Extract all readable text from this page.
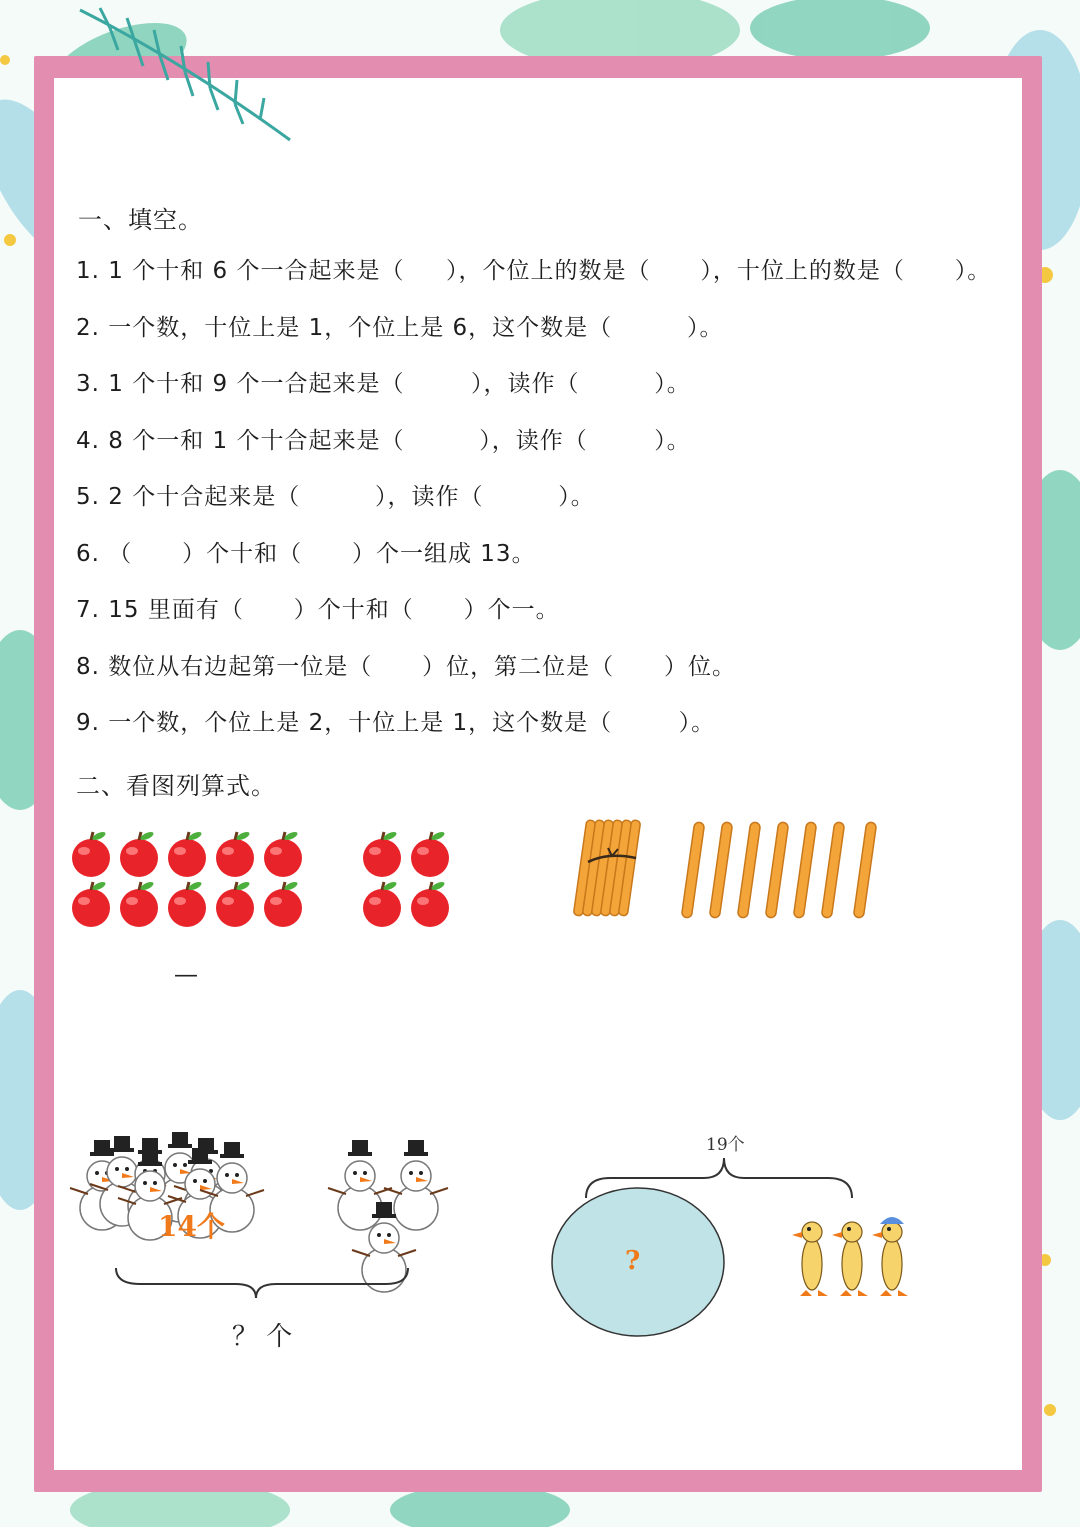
一、填空。
1. 1 个十和 6 个一合起来是（     ），个位上的数是（      ），十位上的数是（      ）。
2. 一个数，十位上是 1，个位上是 6，这个数是（         ）。
3. 1 个十和 9 个一合起来是（        ），读作（         ）。
4. 8 个一和 1 个十合起来是（         ），读作（        ）。
5. 2 个十合起来是（         ），读作（         ）。
6. （      ）个十和（      ）个一组成 13。
7. 15 里面有（      ）个十和（      ）个一。
8. 数位从右边起第一位是（      ）位，第二位是（      ）位。
9. 一个数，个位上是 2，十位上是 1，这个数是（        ）。
二、看图列算式。
—
14个
？ 个
19个
?
